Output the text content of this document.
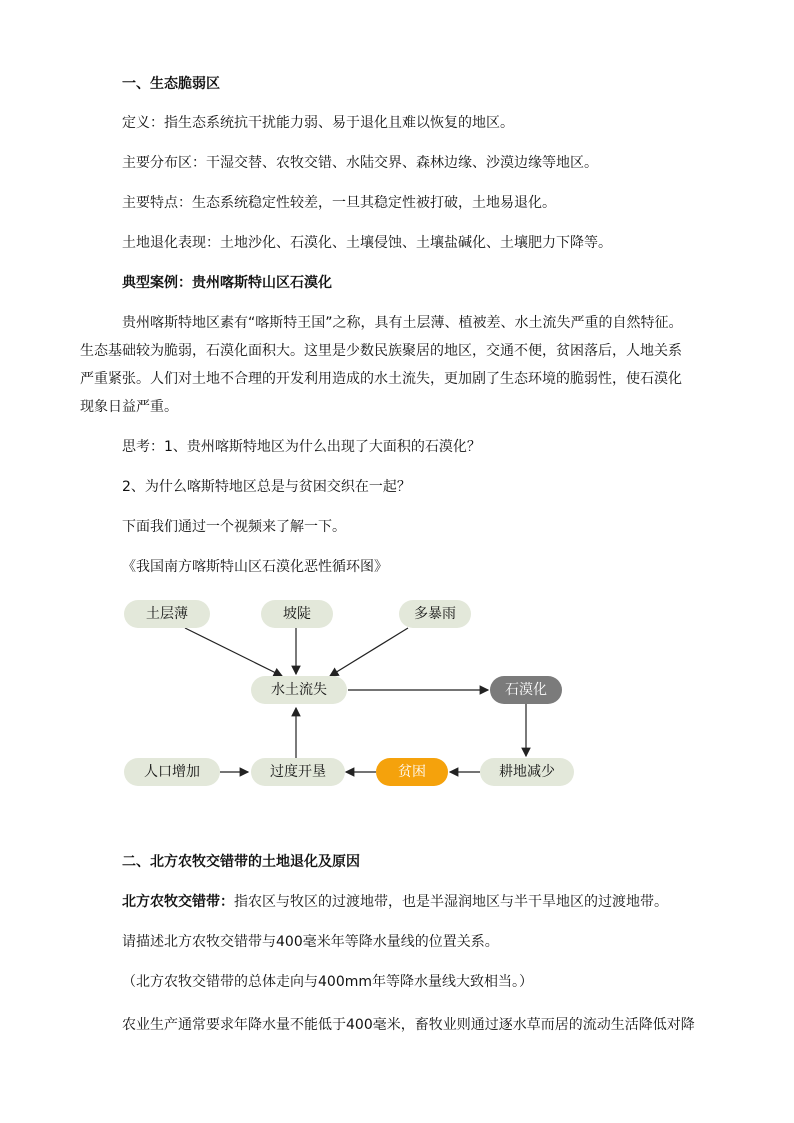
一、生态脆弱区

定义：指生态系统抗干扰能力弱、易于退化且难以恢复的地区。

主要分布区：干湿交替、农牧交错、水陆交界、森林边缘、沙漠边缘等地区。

主要特点：生态系统稳定性较差，一旦其稳定性被打破，土地易退化。

土地退化表现：土地沙化、石漠化、土壤侵蚀、土壤盐碱化、土壤肥力下降等。

典型案例：贵州喀斯特山区石漠化

贵州喀斯特地区素有“喀斯特王国”之称，具有土层薄、植被差、水土流失严重的自然特征。

生态基础较为脆弱，石漠化面积大。这里是少数民族聚居的地区，交通不便，贫困落后，人地关系

严重紧张。人们对土地不合理的开发利用造成的水土流失，更加剧了生态环境的脆弱性，使石漠化

现象日益严重。

思考：1、贵州喀斯特地区为什么出现了大面积的石漠化？

2、为什么喀斯特地区总是与贫困交织在一起？

下面我们通过一个视频来了解一下。

《我国南方喀斯特山区石漠化恶性循环图》

土层薄	坡陡	多暴雨
水土流失	石漠化
人口增加	过度开垦	贫困	耕地减少

二、北方农牧交错带的土地退化及原因

北方农牧交错带：指农区与牧区的过渡地带，也是半湿润地区与半干旱地区的过渡地带。

请描述北方农牧交错带与400毫米年等降水量线的位置关系。

（北方农牧交错带的总体走向与400mm年等降水量线大致相当。）

农业生产通常要求年降水量不能低于400毫米，畜牧业则通过逐水草而居的流动生活降低对降
